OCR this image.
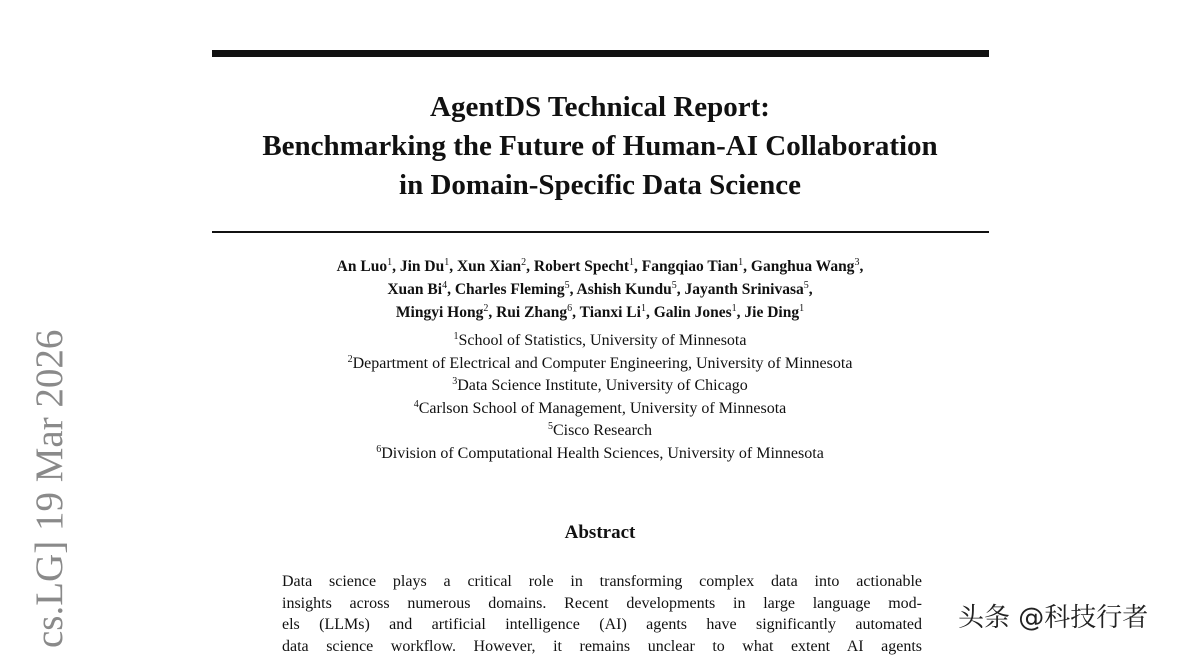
AgentDS Technical Report:
Benchmarking the Future of Human-AI Collaboration
in Domain-Specific Data Science
An Luo$^1$, Jin Du$^1$, Xun Xian$^2$, Robert Specht$^1$, Fangqiao Tian$^1$, Ganghua Wang$^3$,
Xuan Bi$^4$, Charles Fleming$^5$, Ashish Kundu$^5$, Jayanth Srinivasa$^5$,
Mingyi Hong$^2$, Rui Zhang$^6$, Tianxi Li$^1$, Galin Jones$^1$, Jie Ding$^1$
$^1$School of Statistics, University of Minnesota
$^2$Department of Electrical and Computer Engineering, University of Minnesota
$^3$Data Science Institute, University of Chicago
$^4$Carlson School of Management, University of Minnesota
$^5$Cisco Research
$^6$Division of Computational Health Sciences, University of Minnesota
Abstract
Data science plays a critical role in transforming complex data into actionable
insights across numerous domains. Recent developments in large language mod-
els (LLMs) and artificial intelligence (AI) agents have significantly automated
data science workflow. However, it remains unclear to what extent AI agents
cs.LG] 19 Mar 2026	头条 @科技行者
